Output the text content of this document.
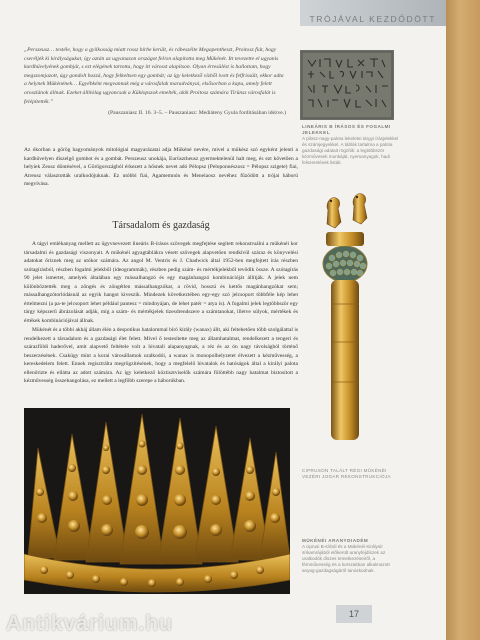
TRÓJÁVAL KEZDŐDÖTT
„Perszeusz… testéle, hogy a gyilkosság miatt rossz hírbe került, és rábeszélte Megapentheszt, Proitosz fiát, hogy cseréljék ki királyságukat, így aztán az ugyanazon országot fel/on alapította meg Mükénét. Itt tevezette el ugyanis kardhüvelyének gombját, s ezt elégének tartotta, hogy itt városst alapítson. Olyan értesülést is hallottam, hogy megszomjazott, úgy gondolt hozzá, hogy felkeltsen egy gombát; az így keletkező vízből ivott és felfrissült, ekkor adta a helynek Mükénének… Egyébként megvannak még a városfalak maradványai, elsősorban a kapu, amely felett oroszlánok állnak. Ezeket állítólag ugyancsak a Küklopszok emelték, akik Proitosz számára Tirünsz városfalát is felépítették.”
(Pauszaniasz II. 16. 3–5. – Pauszaniasz: Mediáteny Gyula fordításában idézve.)
Az ókorban a görög hagyományok mitológiai magyarázatai adja Mükéné nevére, mivel a mükész szó egyként jelenti a kardhüvelyen díszelgő gombot és a gombát. Perszeusz unokája, Eurüsztheusz gyermektelenül halt meg, és ezt követően a helyiek Zeusz döntésével, a Görögországból érkezett a hősnek nevet adó Pélopsz (Peloponnészosz = Pélopsz szigete) fiai, Atreusz választották uralkodójuknak. Ez utóbbi fiai, Agamemnón és Menelaosz nevéhez fűzödött a trójai háború megvívása.
Társadalom és gazdaság

A tágyi emlékanyag mellett az ügyvnevezett lineáris B-írásos szövegek megfejtése segített rekonstruálni a mükénéi kor társadalmi és gazdasági viszonyait. A mükénéi agyagtáblákra vésett szövegek alapvetően rendkívül száraz és könyvelési adatokat őriznek meg az utókor számára. Az angol M. Ventris és J. Chadwick által 1952-ben megfejtett írás részben szótagírásból, részben fogalmi jelekből (ideogrammák), részben pedig szám- és mértékjelekből tevődik össze. A szótagírás 90 jelet ismertet, amelyek általában egy mássalhangzó és egy magánhangzó kombinációját állítják. A jelek nem különböztették meg a zöngés és zöngétlen mássalhangzókat, a rövid, hosszú és kettős magánhangzókat sem; mássalhangzótorlódásnál az egyik hangot kiveszik. Mindezek következtében egy-egy szó jelcsoport többféle kép lehet értelmezni (a pa-te jelcsoport lehet például pantesz = mindnyájan, de lehet patér = atya is). A fogalmi jelek legtöbbször egy tárgy képszerű ábrázolását adják, míg a szám- és mértékjelek tizesdrendszere a számtanokat, illetve súlyok, mértékek és értékek kombinációjával állnak.

Mükénét és a többi akháj állam élén a despotikus hatalommal bíró király (wanax) állt, aki feltehetően több szolgálattal is rendelkezett a társadalom és a gazdasági élet felett. Mivel ő testesítette meg az államhatalmat, rendelkezett a tengeri és szárazföldi haderővel, amit alapvető feltétele volt a hivatali alapanyagnak, a réz és az ón nagy távolságból történő beszerzésének. Csakügy mint a korai városállamok uralkodói, a wanax is monopolhelyzetet élvezett a kézművesség, a kereskedelem felett. Ennek regisztrálta megrögzítésének, hogy a megfelelő hivatalok és hatóságok által a királyi palota ellenőrizte és ellátta az adott számára. Az így keletkező köztisztviselők számára fölöttébb nagy hatalmat biztosított a kézművesség összehangolása, ez mellett a legfőbb szerepe a háborúkban.

LINEÁRIS B ÍRÁSOS ÉS FOGALMI JELEKKEL
A pilosz-nagy-palota lekeletei tárgyi írásjelekkel és számjegyekkel. A táblák tartalma a palota gazdasági adatait rögzítik: a legtöbbször kézművesek munkáját, nyersanyagok, hadi felszerelések listáit.
CIPRUSON TALÁLT RÉGI MÜKÉNÉI VEZÉRI JOGAR REKONSTRUKCIÓJA
MÜKÉNÉI ARANYDIADÉM
A ciprusi B-sírból és a Mükénéi Királysír sírkamrájából előkerült aranyfejdíszek az uralkodók díszes temetkezéseiről, a fémművesség és a korszakban alkalmazott anyag-gazdagságáról tanúskodnak.
17
Antikvárium.hu
